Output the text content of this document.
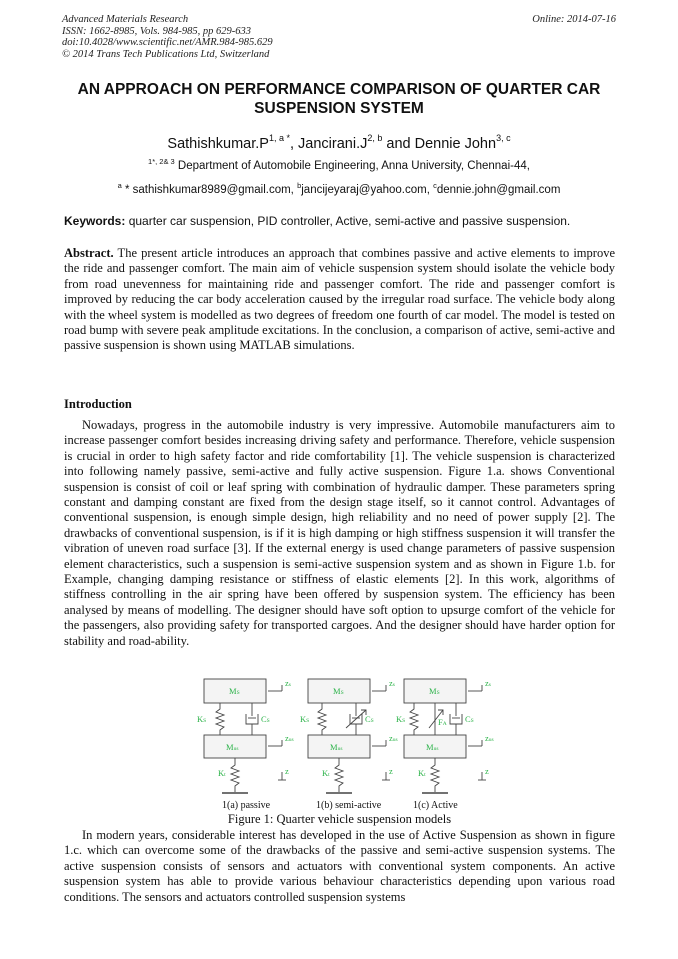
Advanced Materials Research
ISSN: 1662-8985, Vols. 984-985, pp 629-633
doi:10.4028/www.scientific.net/AMR.984-985.629
© 2014 Trans Tech Publications Ltd, Switzerland
Online: 2014-07-16
AN APPROACH ON PERFORMANCE COMPARISON OF QUARTER CAR
SUSPENSION SYSTEM
$Sathishkumar.P^{1, a *}$, $Jancirani.J^{2, b}$ and Dennie John$^{3, c}$
$^{1*, 2\& 3}$ Department of Automobile Engineering, Anna University, Chennai-44,
$^a$ * sathishkumar8989@gmail.com, $^b$jancijeyaraj@yahoo.com, $^c$dennie.john@gmail.com
Keywords: quarter car suspension, PID controller, Active, semi-active and passive suspension.
Abstract. The present article introduces an approach that combines passive and active elements to improve the ride and passenger comfort. The main aim of vehicle suspension system should isolate the vehicle body from road unevenness for maintaining ride and passenger comfort. The ride and passenger comfort is improved by reducing the car body acceleration caused by the irregular road surface. The vehicle body along with the wheel system is modelled as two degrees of freedom one fourth of car model. The model is tested on road bump with severe peak amplitude excitations. In the conclusion, a comparison of active, semi-active and passive suspension is shown using MATLAB simulations.
Introduction
Nowadays, progress in the automobile industry is very impressive. Automobile manufacturers aim to increase passenger comfort besides increasing driving safety and performance. Therefore, vehicle suspension is crucial in order to high safety factor and ride comfortability [1]. The vehicle suspension is characterized into following namely passive, semi-active and fully active suspension. Figure 1.a. shows Conventional suspension is consist of coil or leaf spring with combination of hydraulic damper. These parameters spring constant and damping constant are fixed from the design stage itself, so it cannot control. Advantages of conventional suspension, is enough simple design, high reliability and no need of power supply [2]. The drawbacks of conventional suspension, is if it is high damping or high stiffness suspension it will transfer the vibration of uneven road surface [3]. If the external energy is used change parameters of passive suspension element characteristics, such a suspension is semi-active suspension system and as shown in Figure 1.b. for Example, changing damping resistance or stiffness of elastic elements [2]. In this work, algorithms of stiffness controlling in the air spring have been offered by suspension system. The efficiency has been analysed by means of modelling. The designer should have soft option to upsurge comfort of the vehicle for the passengers, also providing safety for transported cargoes. And the designer should have harder option for stability and road-ability.
MS
Mus
KS	CS
Kt
zs
zus
z
MS
Mus
KS	CS
Kt
zs
zus
z
MS
Mus
KS	FA CS
Kt
zs
zus
z
1(a) passive	1(b) semi-active	1(c) Active
Figure 1: Quarter vehicle suspension models
In modern years, considerable interest has developed in the use of Active Suspension as shown in figure 1.c. which can overcome some of the drawbacks of the passive and semi-active suspension systems. The active suspension consists of sensors and actuators with conventional system components. An active suspension system has able to provide various behaviour characteristics depending upon various road conditions. The sensors and actuators controlled suspension systems
